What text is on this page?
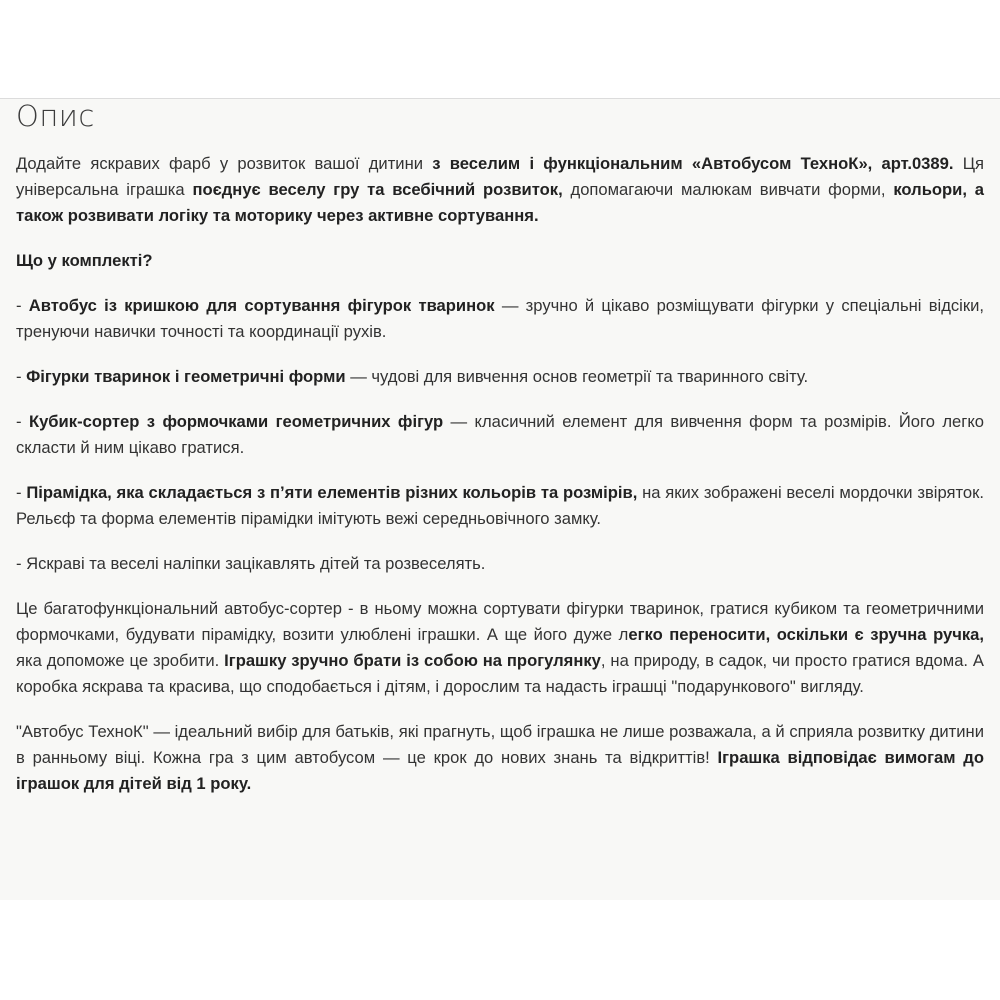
Опис

Додайте яскравих фарб у розвиток вашої дитини з веселим і функціональним «Автобусом ТехноК», арт.0389. Ця універсальна іграшка поєднує веселу гру та всебічний розвиток, допомагаючи малюкам вивчати форми, кольори, а також розвивати логіку та моторику через активне сортування.

Що у комплекті?

- Автобус із кришкою для сортування фігурок тваринок — зручно й цікаво розміщувати фігурки у спеціальні відсіки, тренуючи навички точності та координації рухів.

- Фігурки тваринок і геометричні форми — чудові для вивчення основ геометрії та тваринного світу.

- Кубик-сортер з формочками геометричних фігур — класичний елемент для вивчення форм та розмірів. Його легко скласти й ним цікаво гратися.

- Пірамідка, яка складається з п’яти елементів різних кольорів та розмірів, на яких зображені веселі мордочки звіряток. Рельєф та форма елементів пірамідки імітують вежі середньовічного замку.

- Яскраві та веселі наліпки зацікавлять дітей та розвеселять.

Це багатофункціональний автобус-сортер - в ньому можна сортувати фігурки тваринок, гратися кубиком та геометричними формочками, будувати пірамідку, возити улюблені іграшки. А ще його дуже легко переносити, оскільки є зручна ручка, яка допоможе це зробити. Іграшку зручно брати із собою на прогулянку, на природу, в садок, чи просто гратися вдома. А коробка яскрава та красива, що сподобається і дітям, і дорослим та надасть іграшці "подарункового" вигляду.

"Автобус ТехноК" — ідеальний вибір для батьків, які прагнуть, щоб іграшка не лише розважала, а й сприяла розвитку дитини в ранньому віці. Кожна гра з цим автобусом — це крок до нових знань та відкриттів! Іграшка відповідає вимогам до іграшок для дітей від 1 року.
